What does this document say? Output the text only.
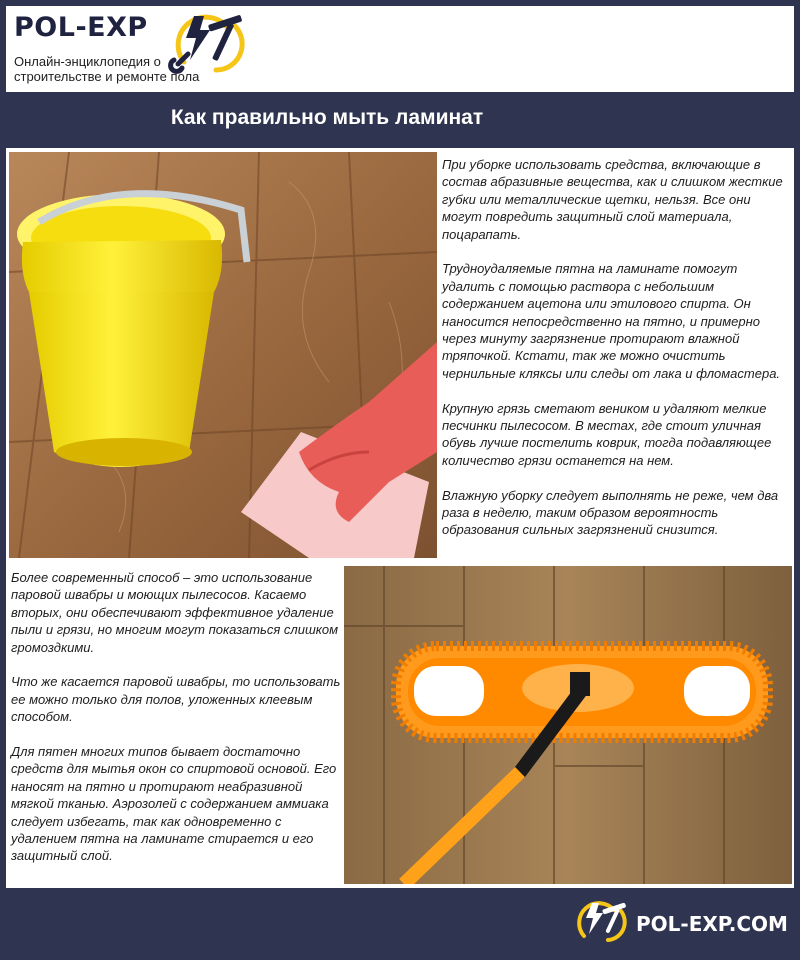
POL-EXP
Онлайн-энциклопедия о строительстве и ремонте пола
Как правильно мыть ламинат

При уборке использовать средства, включающие в состав абразивные вещества, как и слишком жесткие губки или металлические щетки, нельзя. Все они могут повредить защитный слой материала, поцарапать.

Трудноудаляемые пятна на ламинате помогут удалить с помощью раствора с небольшим содержанием ацетона или этилового спирта. Он наносится непосредственно на пятно, и примерно через минуту загрязнение протирают влажной тряпочкой. Кстати, так же можно очистить чернильные кляксы или следы от лака и фломастера.

Крупную грязь сметают веником и удаляют мелкие песчинки пылесосом. В местах, где стоит уличная обувь лучше постелить коврик, тогда подавляющее количество грязи останется на нем.

Влажную уборку следует выполнять не реже, чем два раза в неделю, таким образом вероятность образования сильных загрязнений снизится.

Более современный способ – это использование паровой швабры и моющих пылесосов. Касаемо вторых, они обеспечивают эффективное удаление пыли и грязи, но многим могут показаться слишком громоздкими.

Что же касается паровой швабры, то использовать ее можно только для полов, уложенных клеевым способом.

Для пятен многих типов бывает достаточно средств для мытья окон со спиртовой основой. Его наносят на пятно и протирают неабразивной мягкой тканью. Аэрозолей с содержанием аммиака следует избегать, так как одновременно с удалением пятна на ламинате стирается и его защитный слой.

POL-EXP.COM
